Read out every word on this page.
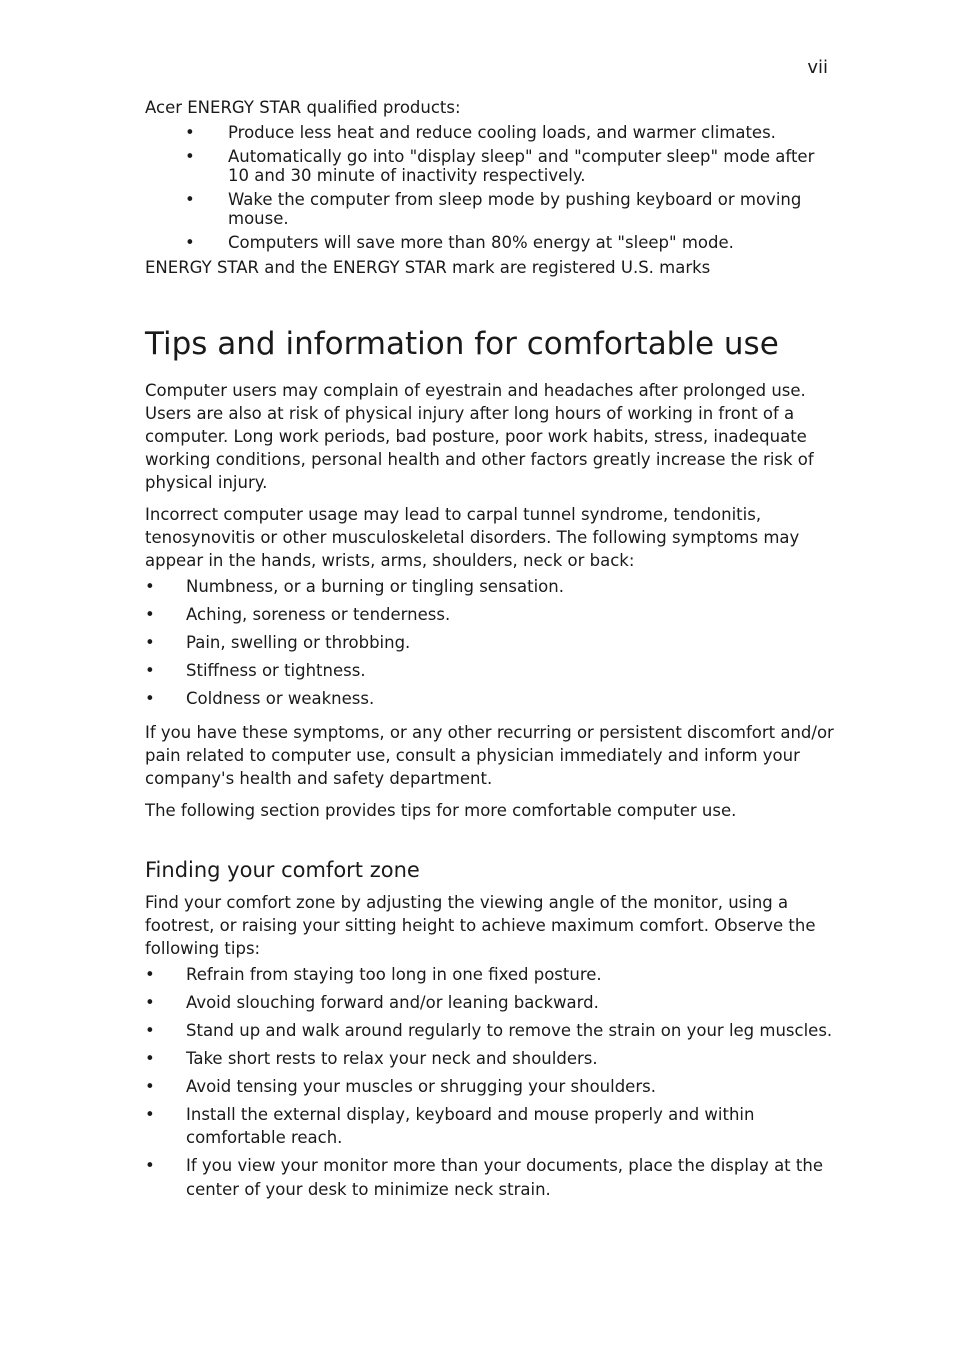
vii

Acer ENERGY STAR qualified products:

• Produce less heat and reduce cooling loads, and warmer climates.
• Automatically go into "display sleep" and "computer sleep" mode after 10 and 30 minute of inactivity respectively.
• Wake the computer from sleep mode by pushing keyboard or moving mouse.
• Computers will save more than 80% energy at "sleep" mode.

ENERGY STAR and the ENERGY STAR mark are registered U.S. marks

Tips and information for comfortable use

Computer users may complain of eyestrain and headaches after prolonged use. Users are also at risk of physical injury after long hours of working in front of a computer. Long work periods, bad posture, poor work habits, stress, inadequate working conditions, personal health and other factors greatly increase the risk of physical injury.

Incorrect computer usage may lead to carpal tunnel syndrome, tendonitis, tenosynovitis or other musculoskeletal disorders. The following symptoms may appear in the hands, wrists, arms, shoulders, neck or back:

• Numbness, or a burning or tingling sensation.
• Aching, soreness or tenderness.
• Pain, swelling or throbbing.
• Stiffness or tightness.
• Coldness or weakness.

If you have these symptoms, or any other recurring or persistent discomfort and/or pain related to computer use, consult a physician immediately and inform your company's health and safety department.

The following section provides tips for more comfortable computer use.

Finding your comfort zone

Find your comfort zone by adjusting the viewing angle of the monitor, using a footrest, or raising your sitting height to achieve maximum comfort. Observe the following tips:

• Refrain from staying too long in one fixed posture.
• Avoid slouching forward and/or leaning backward.
• Stand up and walk around regularly to remove the strain on your leg muscles.
• Take short rests to relax your neck and shoulders.
• Avoid tensing your muscles or shrugging your shoulders.
• Install the external display, keyboard and mouse properly and within comfortable reach.
• If you view your monitor more than your documents, place the display at the center of your desk to minimize neck strain.
